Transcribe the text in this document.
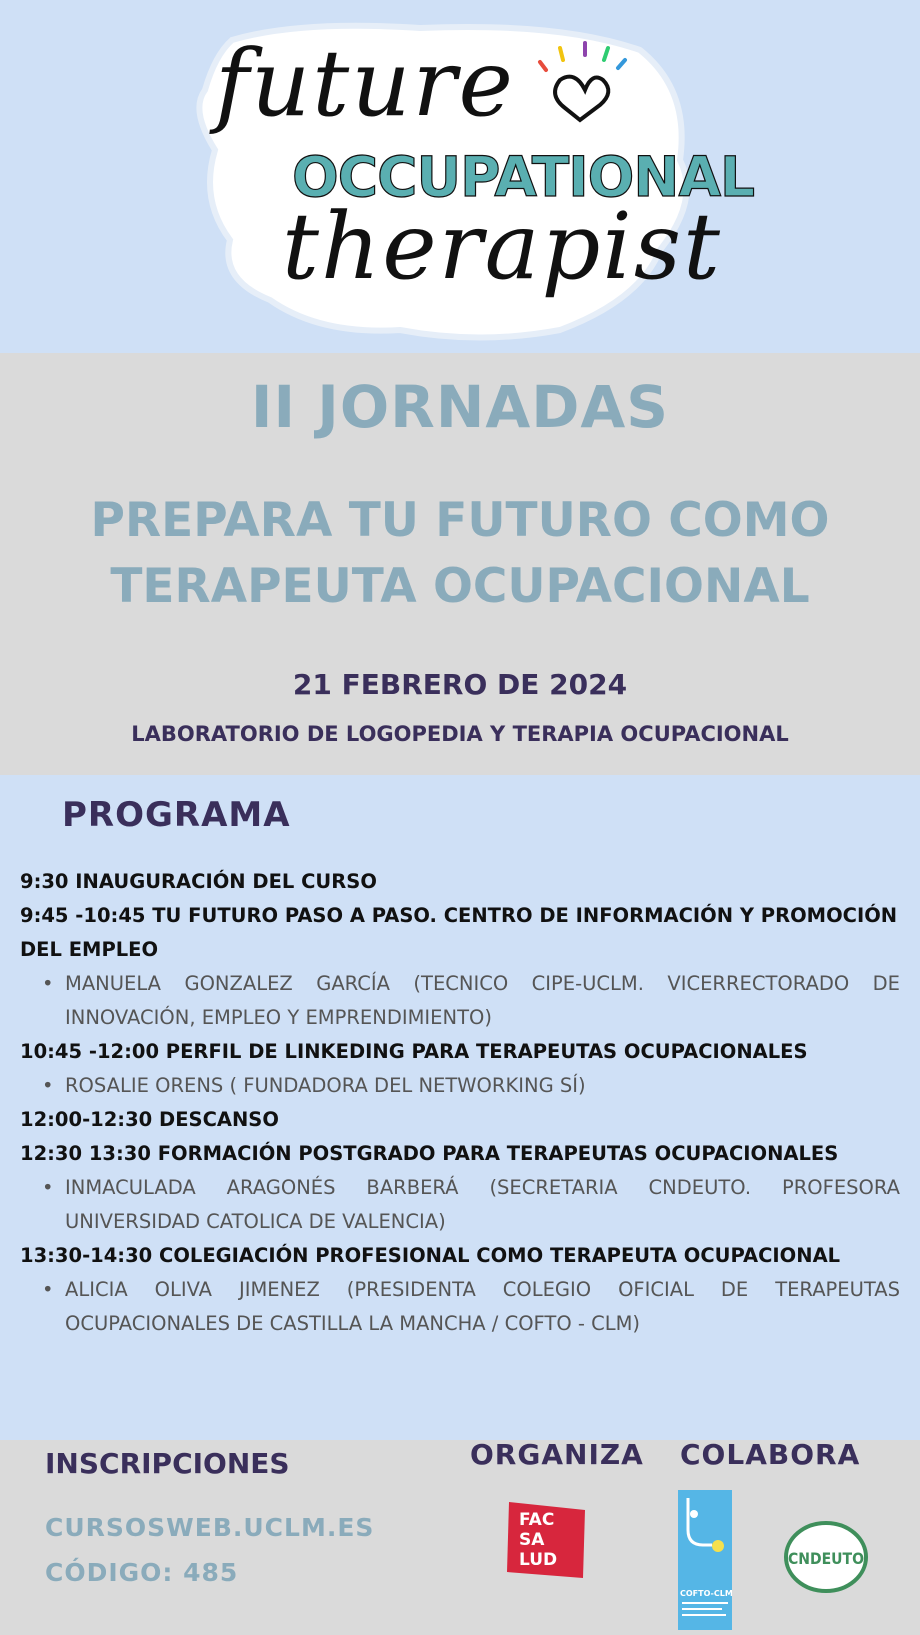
future
OCCUPATIONAL
therapist
II JORNADAS
PREPARA TU FUTURO COMO TERAPEUTA OCUPACIONAL
21 FEBRERO DE 2024
LABORATORIO DE LOGOPEDIA Y TERAPIA OCUPACIONAL
PROGRAMA
9:30 INAUGURACIÓN DEL CURSO
9:45 -10:45 TU FUTURO PASO A PASO. CENTRO DE INFORMACIÓN Y PROMOCIÓN DEL EMPLEO
• MANUELA GONZALEZ GARCÍA (TECNICO CIPE-UCLM. VICERRECTORADO DE INNOVACIÓN, EMPLEO Y EMPRENDIMIENTO)
10:45 -12:00 PERFIL DE LINKEDING PARA TERAPEUTAS OCUPACIONALES
• ROSALIE ORENS ( FUNDADORA DEL NETWORKING SÍ)
12:00-12:30 DESCANSO
12:30 13:30 FORMACIÓN POSTGRADO PARA TERAPEUTAS OCUPACIONALES
• INMACULADA ARAGONÉS BARBERÁ (SECRETARIA CNDEUTO. PROFESORA UNIVERSIDAD CATOLICA DE VALENCIA)
13:30-14:30 COLEGIACIÓN PROFESIONAL COMO TERAPEUTA OCUPACIONAL
• ALICIA OLIVA JIMENEZ (PRESIDENTA COLEGIO OFICIAL DE TERAPEUTAS OCUPACIONALES DE CASTILLA LA MANCHA / COFTO - CLM)
INSCRIPCIONES
CURSOSWEB.UCLM.ES
CÓDIGO: 485
ORGANIZA COLABORA
FAC
SA
LUD
COFTO-CLM
CNDEUTO
